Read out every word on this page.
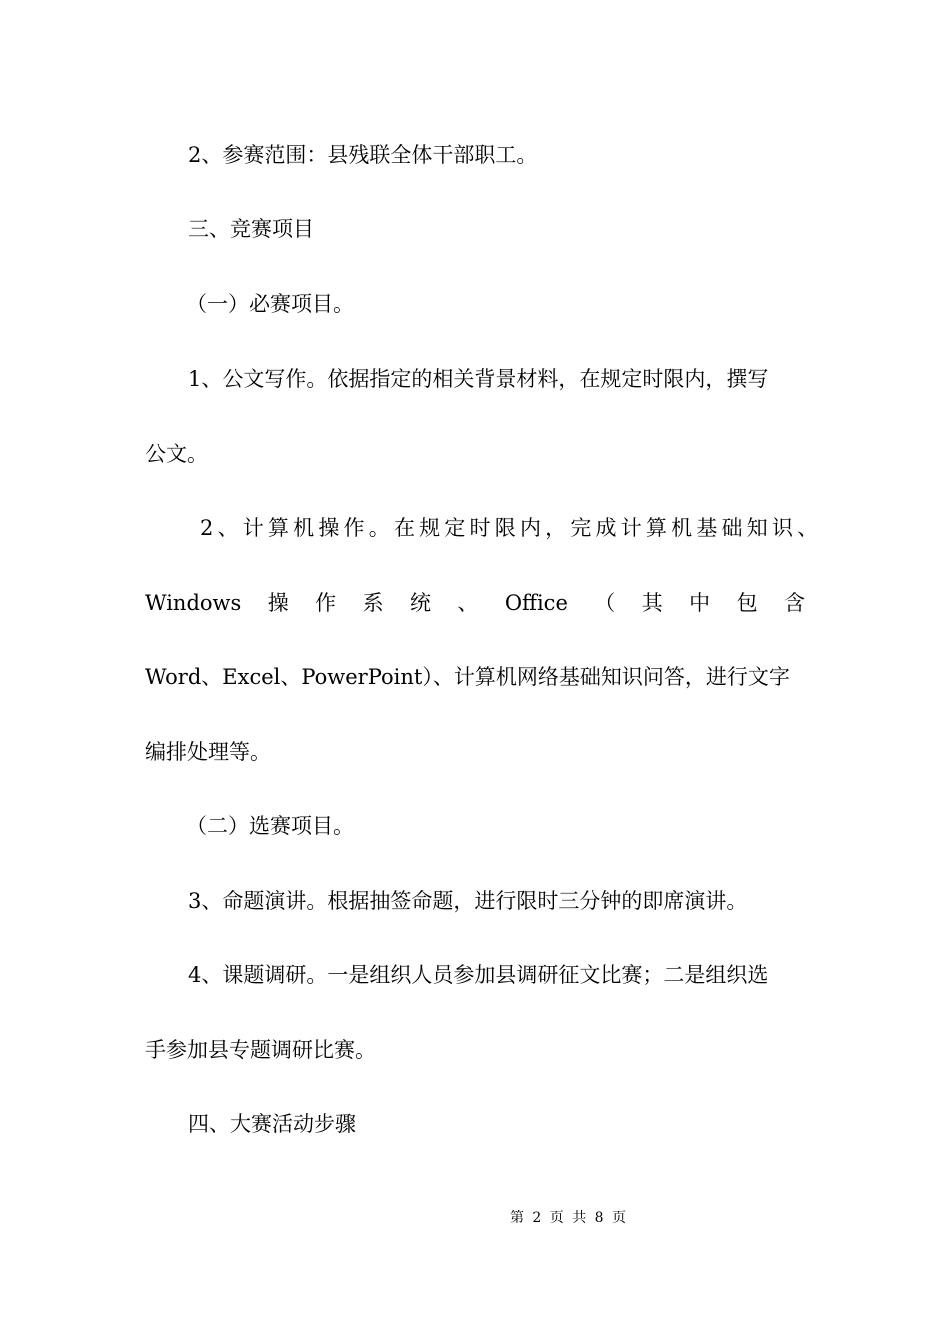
2、参赛范围：县残联全体干部职工。

三、竞赛项目

（一）必赛项目。

1、公文写作。依据指定的相关背景材料，在规定时限内，撰写

公文。

2、计算机操作。在规定时限内，完成计算机基础知识、

Windows 操 作 系 统 、 Office （ 其 中 包 含

Word、Excel、PowerPoint）、计算机网络基础知识问答，进行文字

编排处理等。

（二）选赛项目。

3、命题演讲。根据抽签命题，进行限时三分钟的即席演讲。

4、课题调研。一是组织人员参加县调研征文比赛；二是组织选

手参加县专题调研比赛。

四、大赛活动步骤

第 2 页 共 8 页
